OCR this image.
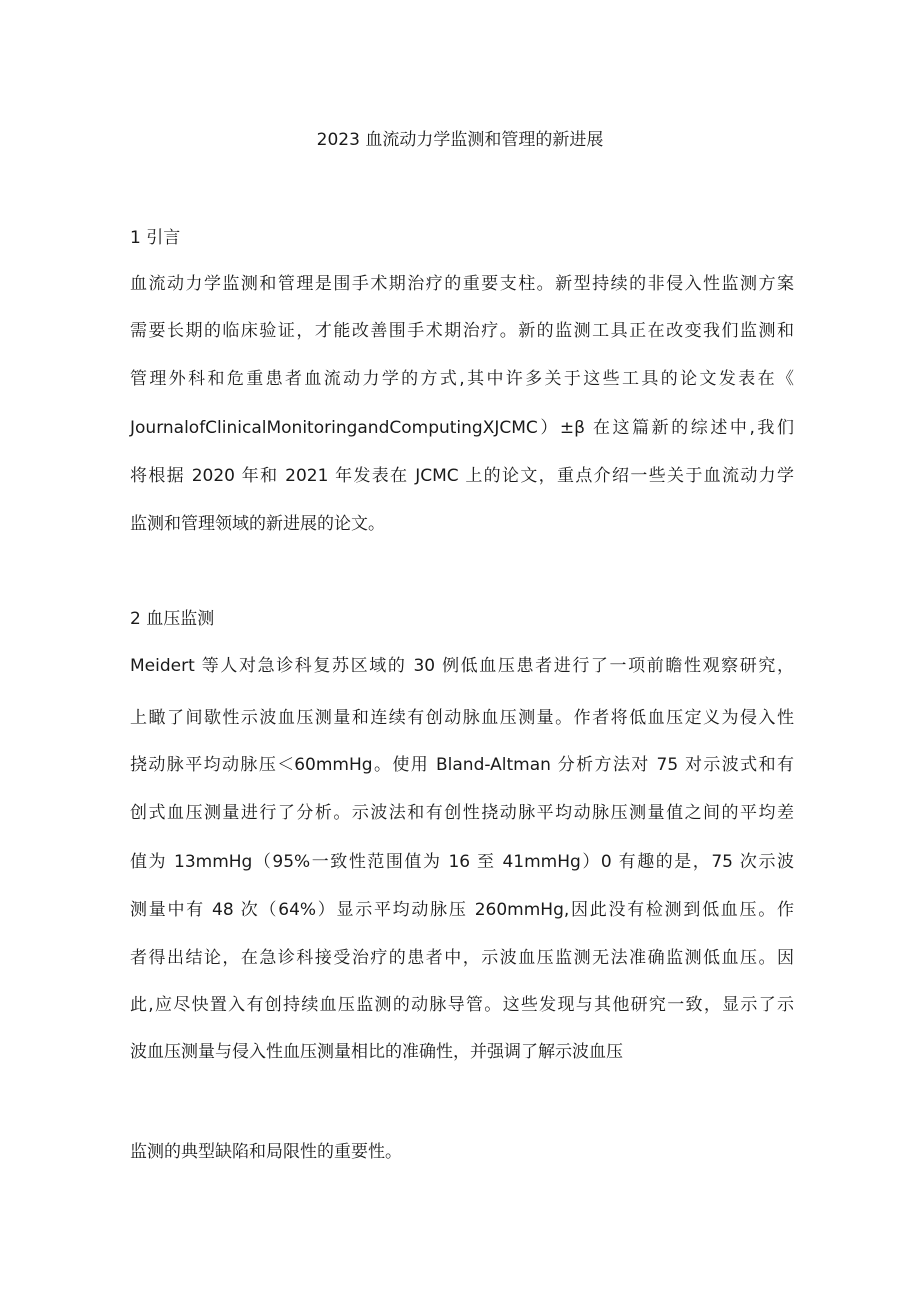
2023 血流动力学监测和管理的新进展
1 引言

血流动力学监测和管理是围手术期治疗的重要支柱。新型持续的非侵入性监测方案

需要长期的临床验证，才能改善围手术期治疗。新的监测工具正在改变我们监测和

管理外科和危重患者血流动力学的方式,其中许多关于这些工具的论文发表在《

JournalofClinicalMonitoringandComputingXJCMC）±β 在这篇新的综述中,我们

将根据 2020 年和 2021 年发表在 JCMC 上的论文，重点介绍一些关于血流动力学

监测和管理领域的新进展的论文。

2 血压监测

Meidert 等人对急诊科复苏区域的 30 例低血压患者进行了一项前瞻性观察研究，

上瞰了间歇性示波血压测量和连续有创动脉血压测量。作者将低血压定义为侵入性

挠动脉平均动脉压＜60mmHg。使用 Bland-Altman 分析方法对 75 对示波式和有

创式血压测量进行了分析。示波法和有创性挠动脉平均动脉压测量值之间的平均差

值为 13mmHg（95%一致性范围值为 16 至 41mmHg）0 有趣的是，75 次示波

测量中有 48 次（64%）显示平均动脉压 260mmHg,因此没有检测到低血压。作

者得出结论，在急诊科接受治疗的患者中，示波血压监测无法准确监测低血压。因

此,应尽快置入有创持续血压监测的动脉导管。这些发现与其他研究一致，显示了示

波血压测量与侵入性血压测量相比的准确性，并强调了解示波血压

监测的典型缺陷和局限性的重要性。
